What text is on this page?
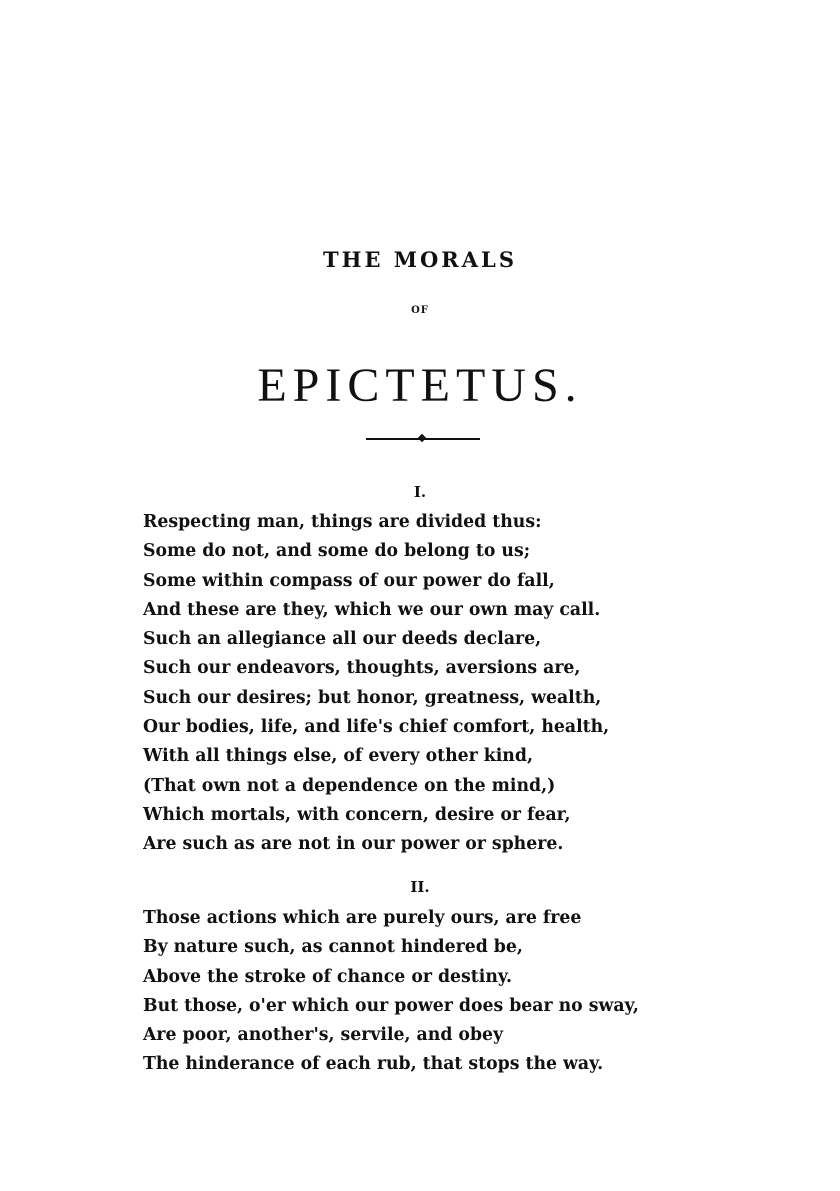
THE MORALS
OF
EPICTETUS.
I.
Respecting man, things are divided thus:
Some do not, and some do belong to us;
Some within compass of our power do fall,
And these are they, which we our own may call.
Such an allegiance all our deeds declare,
Such our endeavors, thoughts, aversions are,
Such our desires; but honor, greatness, wealth,
Our bodies, life, and life's chief comfort, health,
With all things else, of every other kind,
(That own not a dependence on the mind,)
Which mortals, with concern, desire or fear,
Are such as are not in our power or sphere.
II.
Those actions which are purely ours, are free
By nature such, as cannot hindered be,
Above the stroke of chance or destiny.
But those, o'er which our power does bear no sway,
Are poor, another's, servile, and obey
The hinderance of each rub, that stops the way.
